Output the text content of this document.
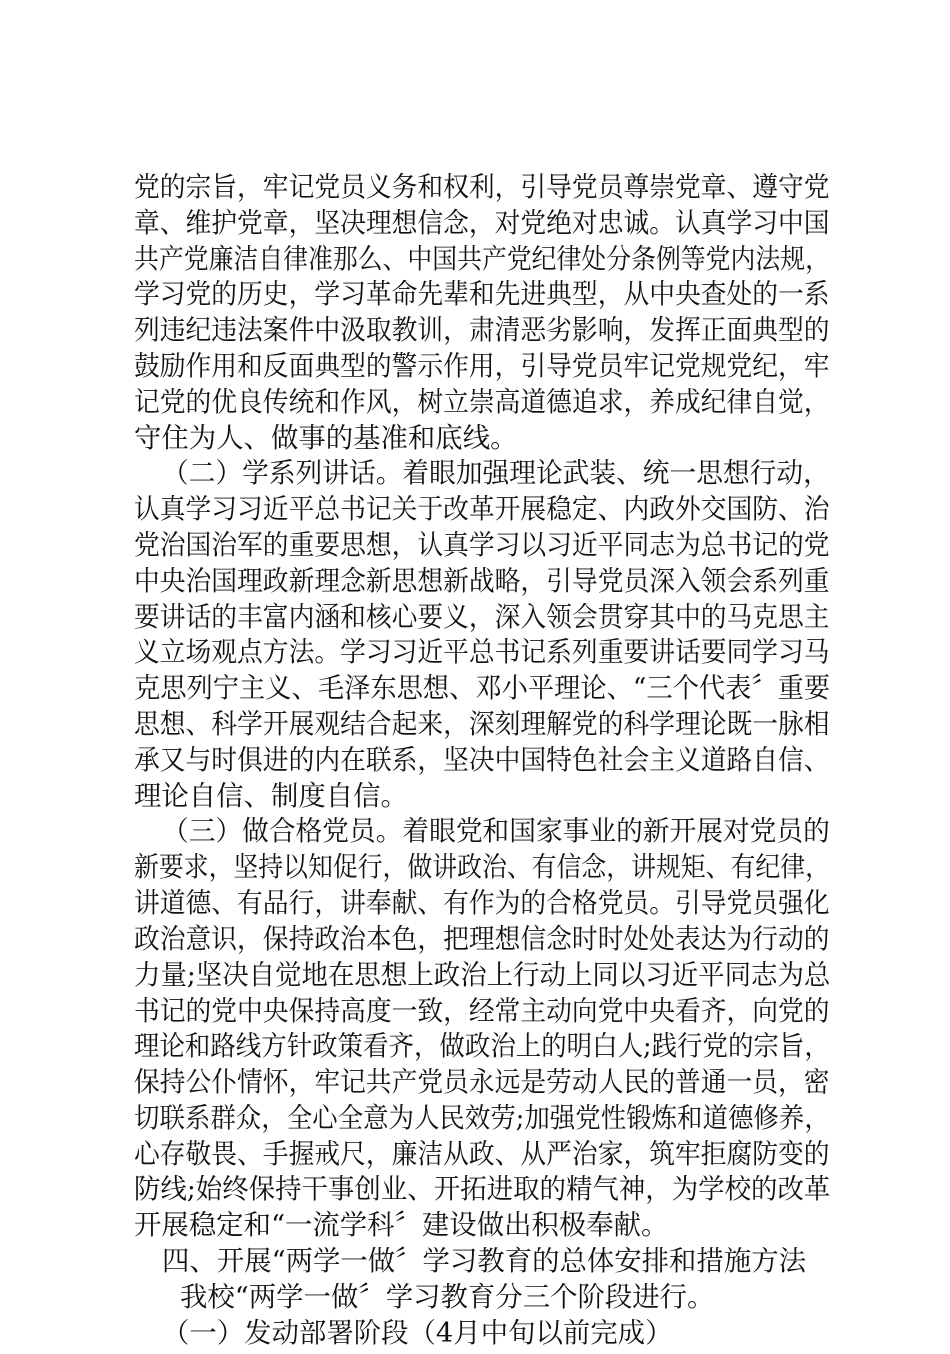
党的宗旨，牢记党员义务和权利，引导党员尊崇党章、遵守党
章、维护党章，坚决理想信念，对党绝对忠诚。认真学习中国
共产党廉洁自律准那么、中国共产党纪律处分条例等党内法规，
学习党的历史，学习革命先辈和先进典型，从中央查处的一系
列违纪违法案件中汲取教训，肃清恶劣影响，发挥正面典型的
鼓励作用和反面典型的警示作用，引导党员牢记党规党纪，牢
记党的优良传统和作风，树立崇高道德追求，养成纪律自觉，
守住为人、做事的基准和底线。
（二）学系列讲话。着眼加强理论武装、统一思想行动，
认真学习习近平总书记关于改革开展稳定、内政外交国防、治
党治国治军的重要思想，认真学习以习近平同志为总书记的党
中央治国理政新理念新思想新战略，引导党员深入领会系列重
要讲话的丰富内涵和核心要义，深入领会贯穿其中的马克思主
义立场观点方法。学习习近平总书记系列重要讲话要同学习马
克思列宁主义、毛泽东思想、邓小平理论、“三个代表〞重要
思想、科学开展观结合起来，深刻理解党的科学理论既一脉相
承又与时俱进的内在联系，坚决中国特色社会主义道路自信、
理论自信、制度自信。
（三）做合格党员。着眼党和国家事业的新开展对党员的
新要求，坚持以知促行，做讲政治、有信念，讲规矩、有纪律，
讲道德、有品行，讲奉献、有作为的合格党员。引导党员强化
政治意识，保持政治本色，把理想信念时时处处表达为行动的
力量;坚决自觉地在思想上政治上行动上同以习近平同志为总
书记的党中央保持高度一致，经常主动向党中央看齐，向党的
理论和路线方针政策看齐，做政治上的明白人;践行党的宗旨，
保持公仆情怀，牢记共产党员永远是劳动人民的普通一员，密
切联系群众，全心全意为人民效劳;加强党性锻炼和道德修养，
心存敬畏、手握戒尺，廉洁从政、从严治家，筑牢拒腐防变的
防线;始终保持干事创业、开拓进取的精气神，为学校的改革
开展稳定和“一流学科〞建设做出积极奉献。
四、开展“两学一做〞学习教育的总体安排和措施方法
我校“两学一做〞学习教育分三个阶段进行。
（一）发动部署阶段（4月中旬以前完成）
